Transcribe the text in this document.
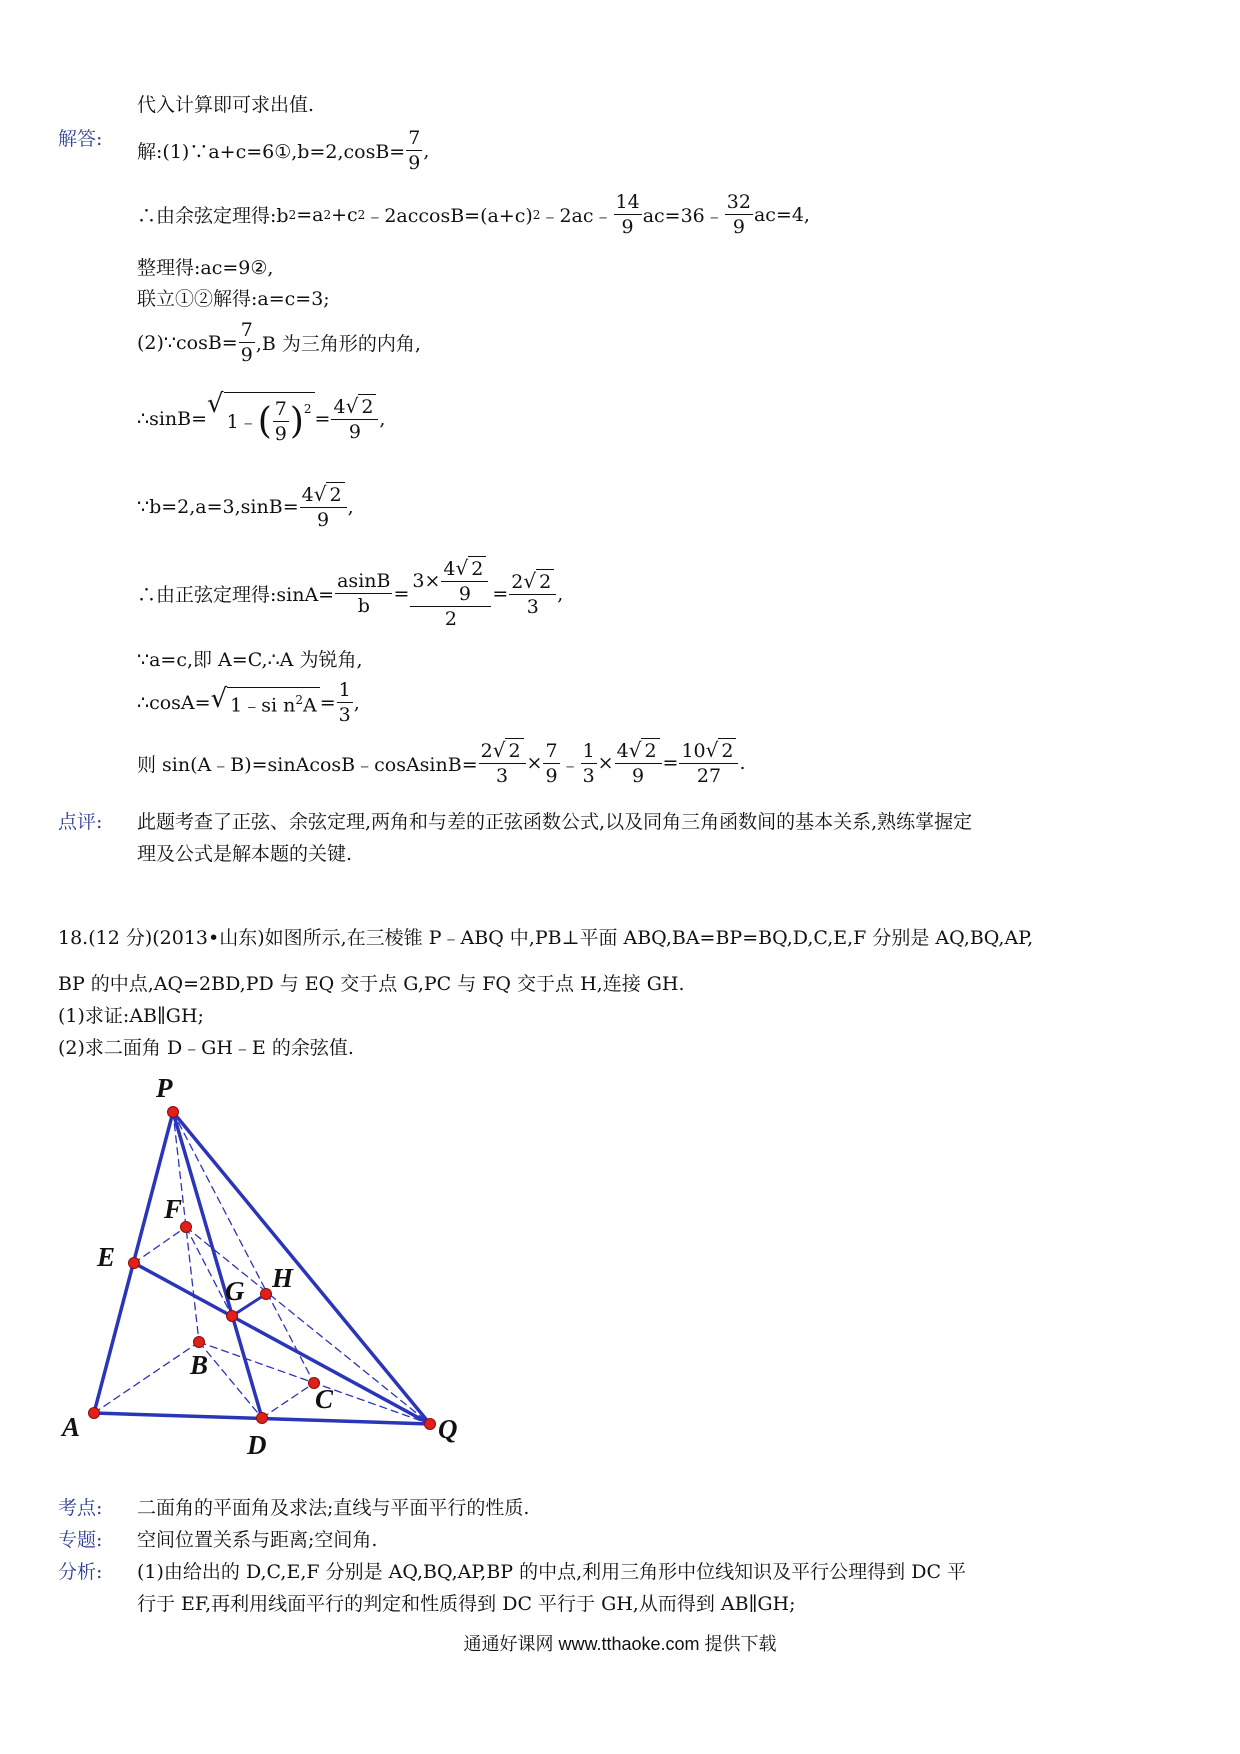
代入计算即可求出值.
解答:
解:(1)∵a+c=6①,b=2,cosB= $\frac{7}{9}$ ,
∴由余弦定理得:b 2 =a 2 +c 2 ﹣2accosB=(a+c) 2 ﹣2ac﹣ $\frac{14}{9}$ ac=36﹣ $\frac{32}{9} ac=4$,
整理得:ac=9②,
联立①②解得:a=c=3;
(2)∵cosB= $\frac{7}{9} ,B$ 为三角形的内角,
∴sinB= √
1﹣ ( $\frac{7}{9} )^2 = \frac{4 √ 2}{9}$ ,
∵b=2,a=3,sinB= $\frac{4 √ 2}{9}$ ,
∴由正弦定理得:sinA= $\frac{asinB}{b} = \frac{3\times \frac{4 √ 2}{9}}{2} = \frac{2 √ 2}{3}$ ,
∵a=c,即 A=C,∴A 为锐角,
∴cosA= √ 1﹣si $n^2A = \frac{1}{3}$ ,
则 sin(A﹣B)=sinAcosB﹣cosAsinB= $\frac{2 √ 2}{3} \times \frac{7}{9}$ ﹣ $\frac{1}{3} \times \frac{4 √ 2}{9} = \frac{10 √ 2}{27}$ .
点评: 此题考查了正弦、余弦定理,两角和与差的正弦函数公式,以及同角三角函数间的基本关系,熟练掌握定
理及公式是解本题的关键.
18.(12 分)(2013•山东)如图所示,在三棱锥 P﹣ABQ 中,PB⊥平面 ABQ,BA=BP=BQ,D,C,E,F 分别是 AQ,BQ,AP,
BP 的中点,AQ=2BD,PD 与 EQ 交于点 G,PC 与 FQ 交于点 H,连接 GH.
(1)求证:AB∥GH;
(2)求二面角 D﹣GH﹣E 的余弦值.
P
F
E
H
G
B
C
A
D
Q
考点: 二面角的平面角及求法;直线与平面平行的性质.
专题: 空间位置关系与距离;空间角.
分析: (1)由给出的 D,C,E,F 分别是 AQ,BQ,AP,BP 的中点,利用三角形中位线知识及平行公理得到 DC 平
行于 EF,再利用线面平行的判定和性质得到 DC 平行于 GH,从而得到 AB∥GH;
通通好课网 www.tthaoke.com 提供下载
